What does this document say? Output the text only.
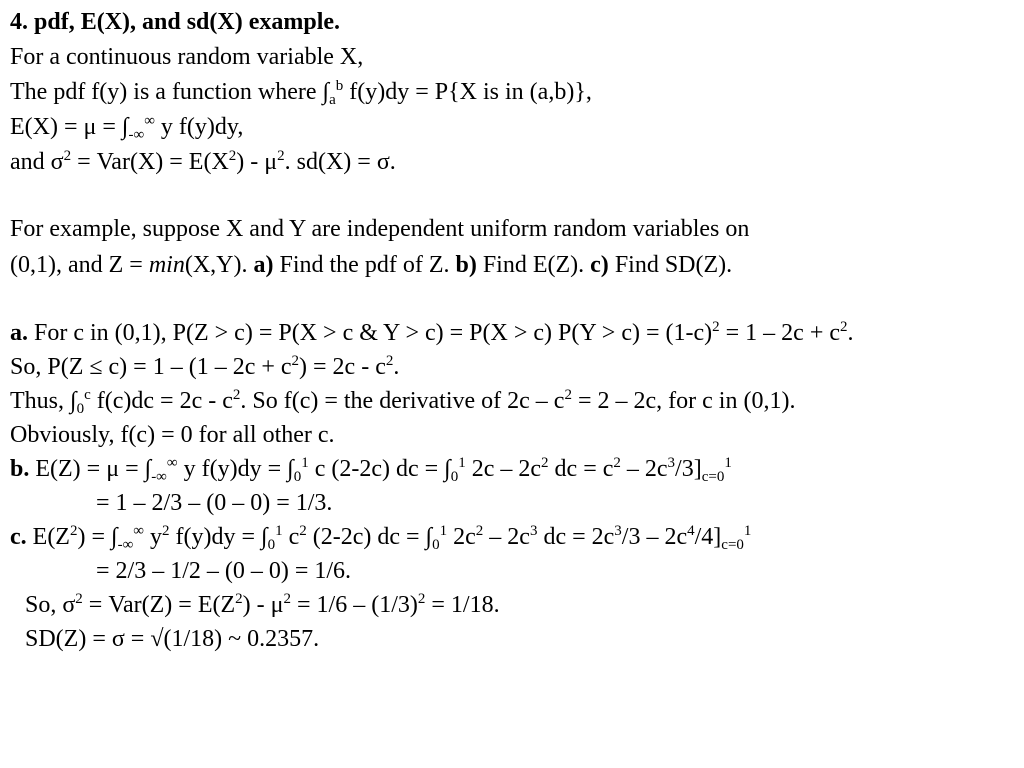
4. pdf, E(X), and sd(X) example.
For a continuous random variable X,
The pdf f(y) is a function where $\int_a^b$ f(y)dy = P{X is in (a,b)},
$E(X) = \mu = \int_{-\infty}^\infty$ y f(y)dy,
and $\sigma^2 = Var(X) = E(X^2) - \mu^2$. sd(X) = σ.
For example, suppose X and Y are independent uniform random variables on
(0,1), and Z = min(X,Y). a) Find the pdf of Z. b) Find E(Z). c) Find SD(Z).
a. For c in (0,1), P(Z > c) = P(X > c & Y > c) = P(X > c) $P(Y > c) = (1-c)^2 = 1 - 2c + c^2$.
So, $P(Z \le c) = 1 - (1 - 2c + c^2) = 2c - c^2$.
Thus, $\int_0^c$ $f(c)dc = 2c - c^2$. So f(c) = the derivative of $2c - c^2 = 2 - 2c$, for c in (0,1).
Obviously, f(c) = 0 for all other c.
b. $E(Z) = \mu = \int_{-\infty}^\infty$ y $f(y)dy = \int_0^1$ c (2-2c) dc = $\int_0^1$ $2c - 2c^2$ dc = $c^2 - 2c^3/3]_{c=0}^1$
= 1 – 2/3 – (0 – 0) = 1/3.
c. $E(Z^2) = \int_{-\infty}^\infty$ $y^2$ $f(y)dy = \int_0^1$ $c^2$ (2-2c) dc = $\int_0^1$ $2c^2 - 2c^3$ dc = $2c^3/3 - 2c^4/4]_{c=0}^1$
= 2/3 – 1/2 – (0 – 0) = 1/6.
So, $\sigma^2 = Var(Z) = E(Z^2) - \mu^2 = 1/6 - (1/3)^2 = 1/18$.
SD(Z) = σ = √(1/18) ~ 0.2357.
